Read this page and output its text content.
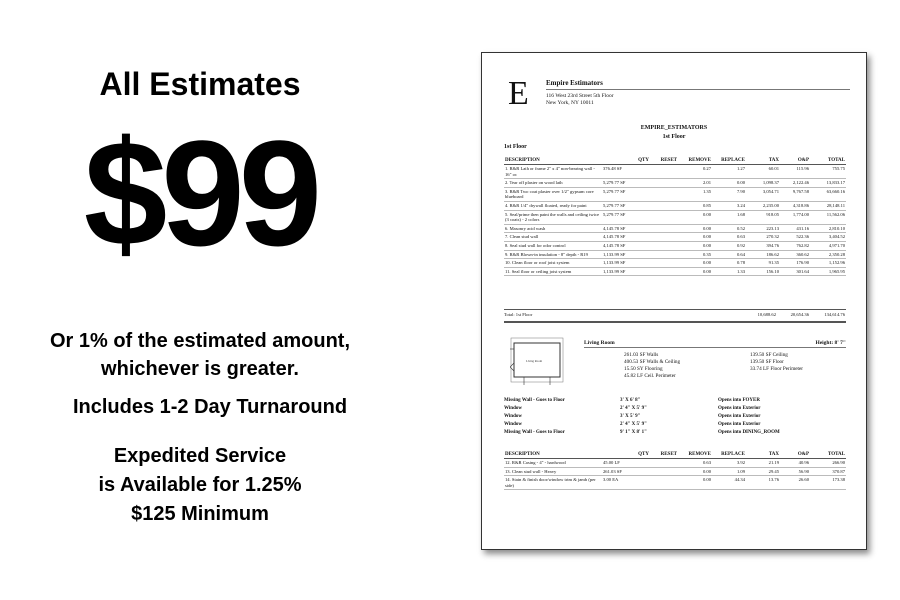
All Estimates
$99
Or 1% of the estimated amount,
whichever is greater.
Includes 1-2 Day Turnaround
Expedited Service
is Available for 1.25%
$125 Minimum
E Empire Estimators
116 West 23rd Street 5th Floor
New York, NY 10011
EMPIRE_ESTIMATORS
1st Floor
1st Floor
DESCRIPTION	QTY	RESET	REMOVE	REPLACE	TAX	O&P	TOTAL
1. R&R Lath or frame 2" x 4" non-bearing wall - 16" oc	376.48 SF		0.27	1.27	60.01	115.96	755.75
2. Tear off plaster on wood lath	5,279.77 SF		2.01	0.00	1,098.37	2,122.46	13,833.17
3. R&R Two coat plaster over 1/2" gypsum core blueboard	5,279.77 SF		1.35	7.90	3,054.71	9,767.58	63,660.16
4. R&R 1/4" drywall floated, ready for paint	5,279.77 SF		0.85	3.24	2,235.00	4,318.86	28,148.11
5. Seal/prime then paint the walls and ceiling twice (3 coats) - 2 colors	5,279.77 SF		0.00	1.68	918.05	1,774.00	11,562.06
6. Masonry acid wash	4,145.78 SF		0.00	0.52	223.13	431.16	2,810.10
7. Clean stud wall	4,145.78 SF		0.00	0.63	270.32	522.36	3,404.52
8. Seal stud wall for odor control	4,145.78 SF		0.00	0.92	394.76	762.82	4,971.70
9. R&R Blown-in insulation - 8" depth - R19	1,133.99 SF		0.35	0.64	186.62	360.62	2,350.28
10. Clean floor or roof joist system	1,133.99 SF		0.00	0.78	91.35	176.90	1,152.96
11. Seal floor or ceiling joist system	1,133.99 SF		0.00	1.33	156.10	301.64	1,965.95
Total: 1st Floor	10,688.62	20,654.36	134,614.76
Living Room
Living Room	Height: 8' 7"
261.03 SF Walls
400.53 SF Walls & Ceiling
15.50 SY Flooring
45.82 LF Ceil. Perimeter
139.50 SF Ceiling
139.50 SF Floor
33.74 LF Floor Perimeter
Missing Wall - Goes to Floor	3' X 6' 8"	Opens into FOYER
Window	2' 4" X 5' 9"	Opens into Exterior
Window	3' X 5' 9"	Opens into Exterior
Window	2' 4" X 5' 9"	Opens into Exterior
Missing Wall - Goes to Floor	9' 1" X 8' 1"	Opens into DINING_ROOM
DESCRIPTION	QTY	RESET	REMOVE	REPLACE	TAX	O&P	TOTAL
12. R&R Casing - 4" - hardwood	45.00 LF		0.63	3.92	21.19	40.96	266.90
13. Clean stud wall - Heavy	261.03 SF		0.00	1.09	29.45	56.90	370.87
14. Stain & finish door/window trim & jamb (per side)	3.00 EA		0.00	44.34	13.76	26.60	173.38
